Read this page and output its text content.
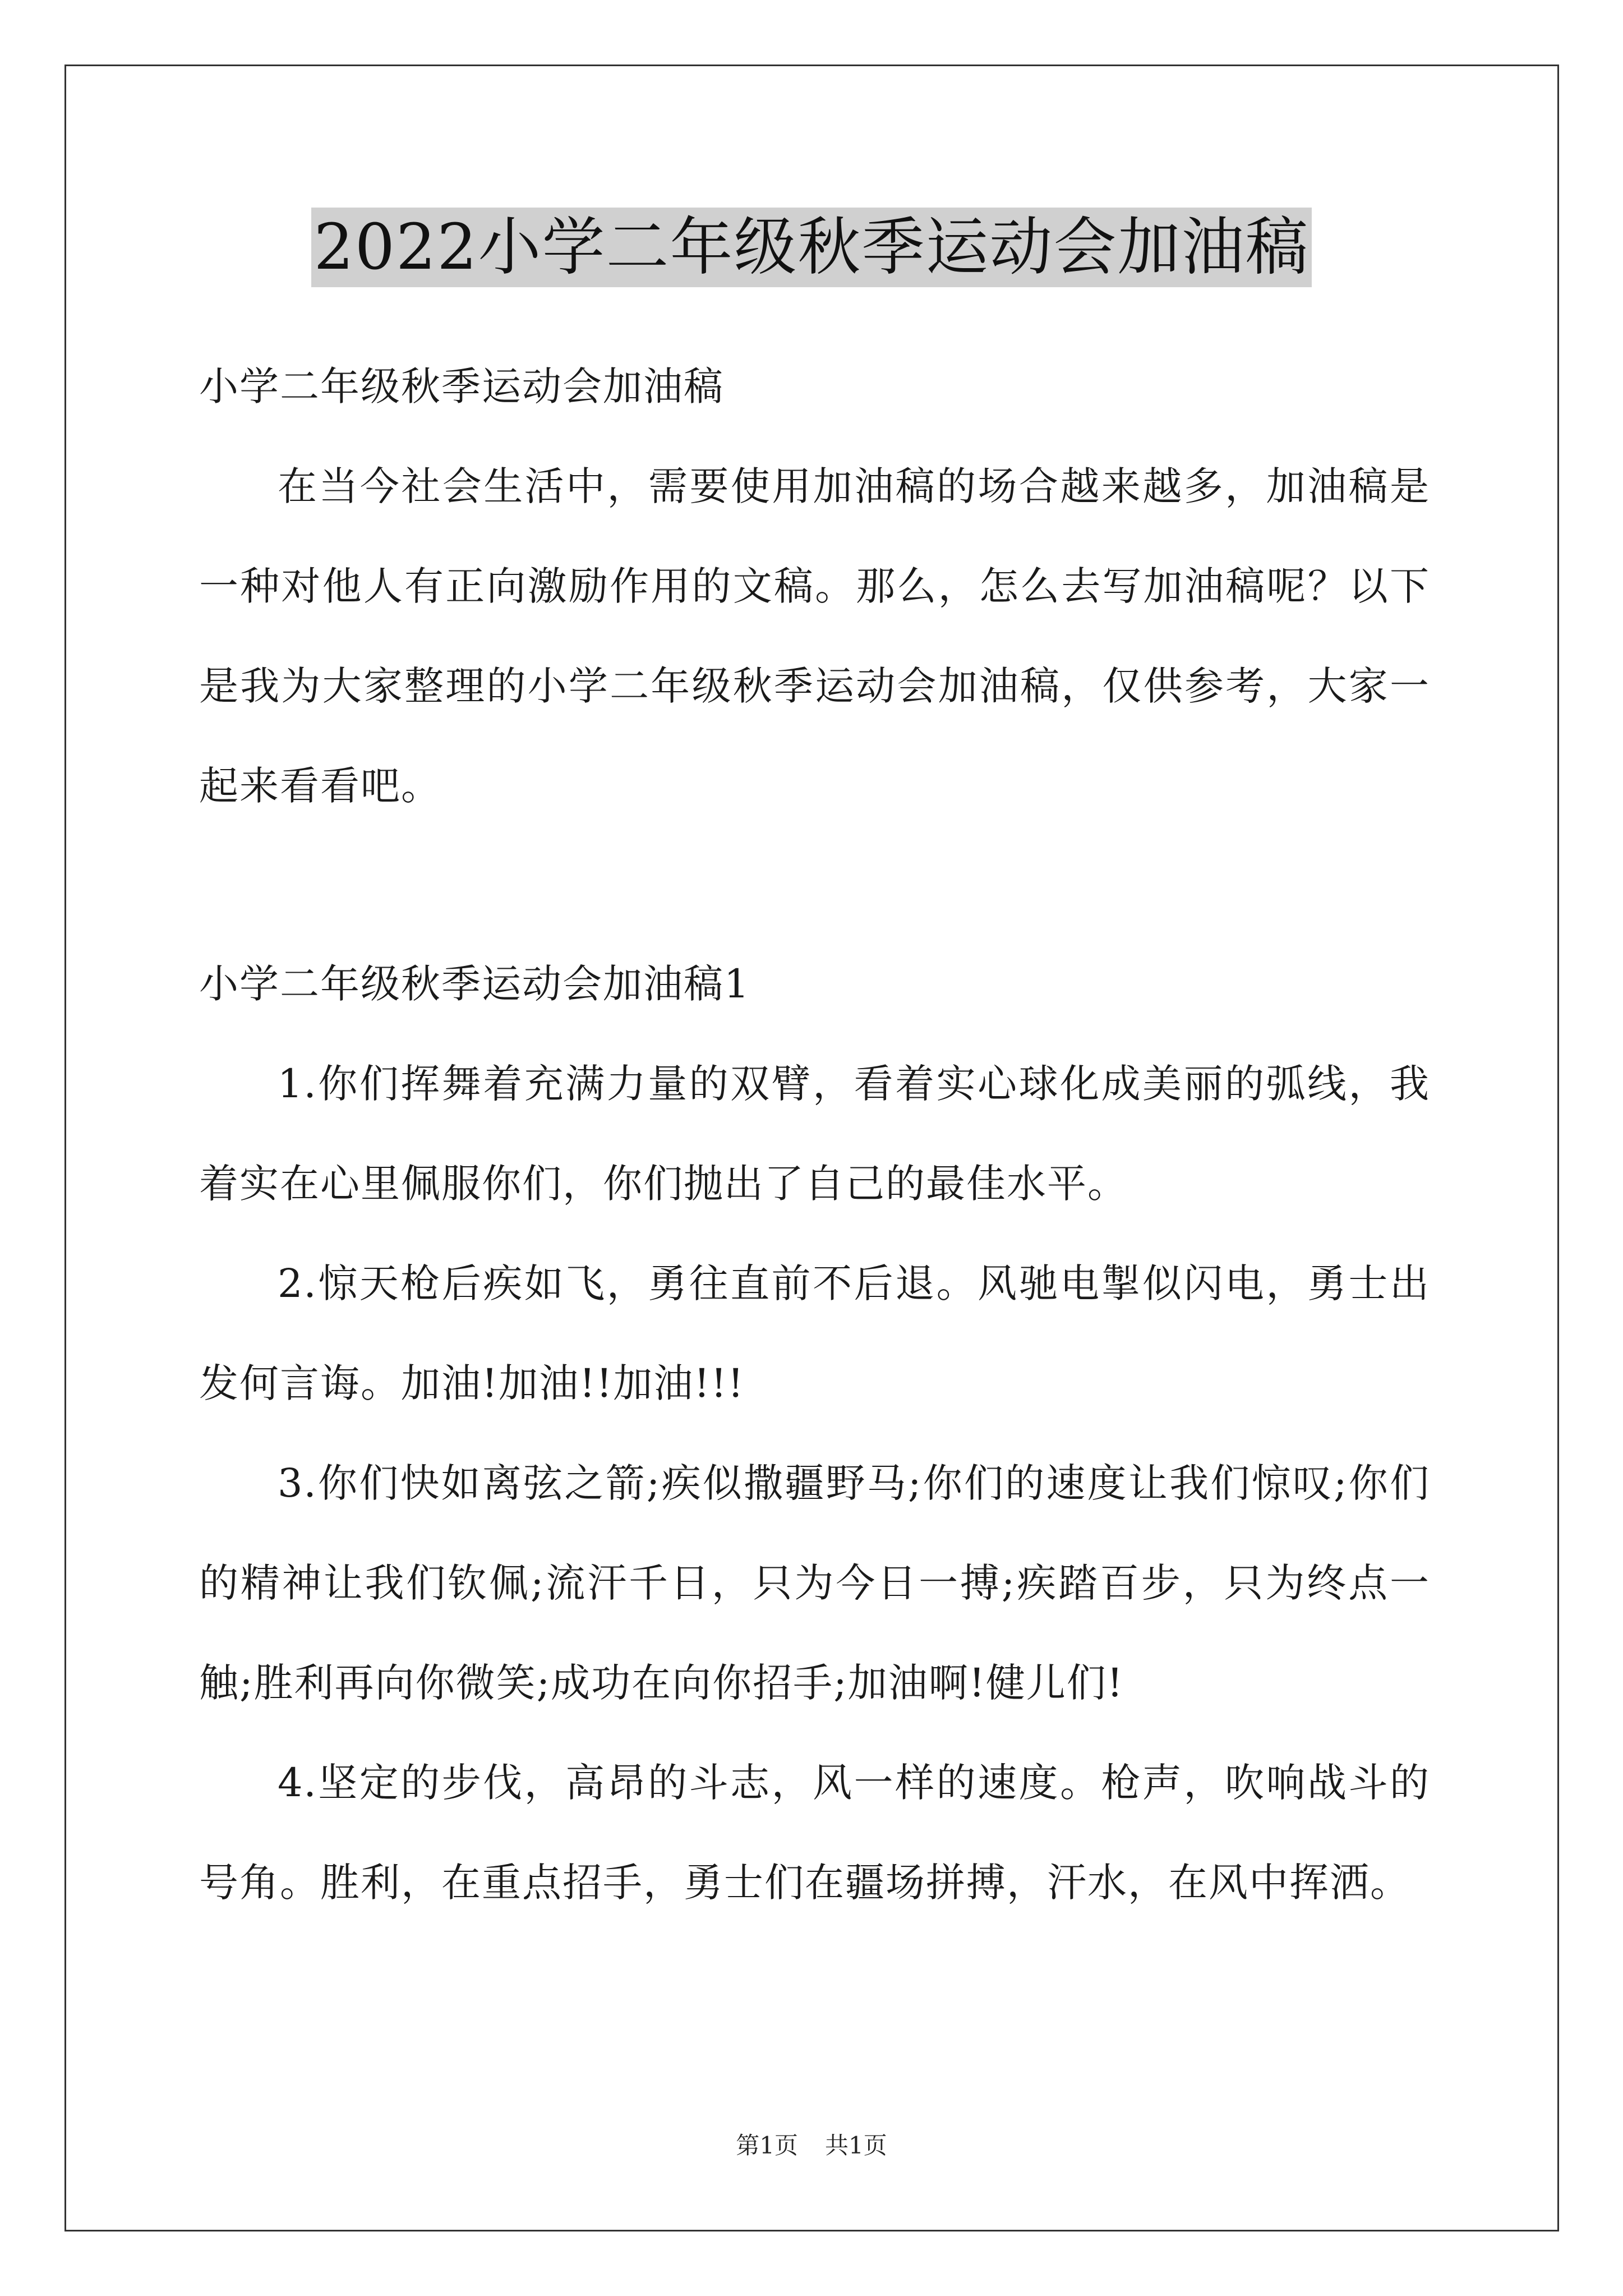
2022小学二年级秋季运动会加油稿

小学二年级秋季运动会加油稿

在当今社会生活中，需要使用加油稿的场合越来越多，加油稿是一种对他人有正向激励作用的文稿。那么，怎么去写加油稿呢？以下是我为大家整理的小学二年级秋季运动会加油稿，仅供参考，大家一起来看看吧。

小学二年级秋季运动会加油稿1

1.你们挥舞着充满力量的双臂，看着实心球化成美丽的弧线，我着实在心里佩服你们，你们抛出了自己的最佳水平。

2.惊天枪后疾如飞，勇往直前不后退。风驰电掣似闪电，勇士出发何言诲。加油!加油!!加油!!!

3.你们快如离弦之箭;疾似撒疆野马;你们的速度让我们惊叹;你们的精神让我们钦佩;流汗千日，只为今日一搏;疾踏百步，只为终点一触;胜利再向你微笑;成功在向你招手;加油啊!健儿们!

4.坚定的步伐，高昂的斗志，风一样的速度。枪声，吹响战斗的号角。胜利，在重点招手，勇士们在疆场拼搏，汗水，在风中挥洒。

第1页 共1页
